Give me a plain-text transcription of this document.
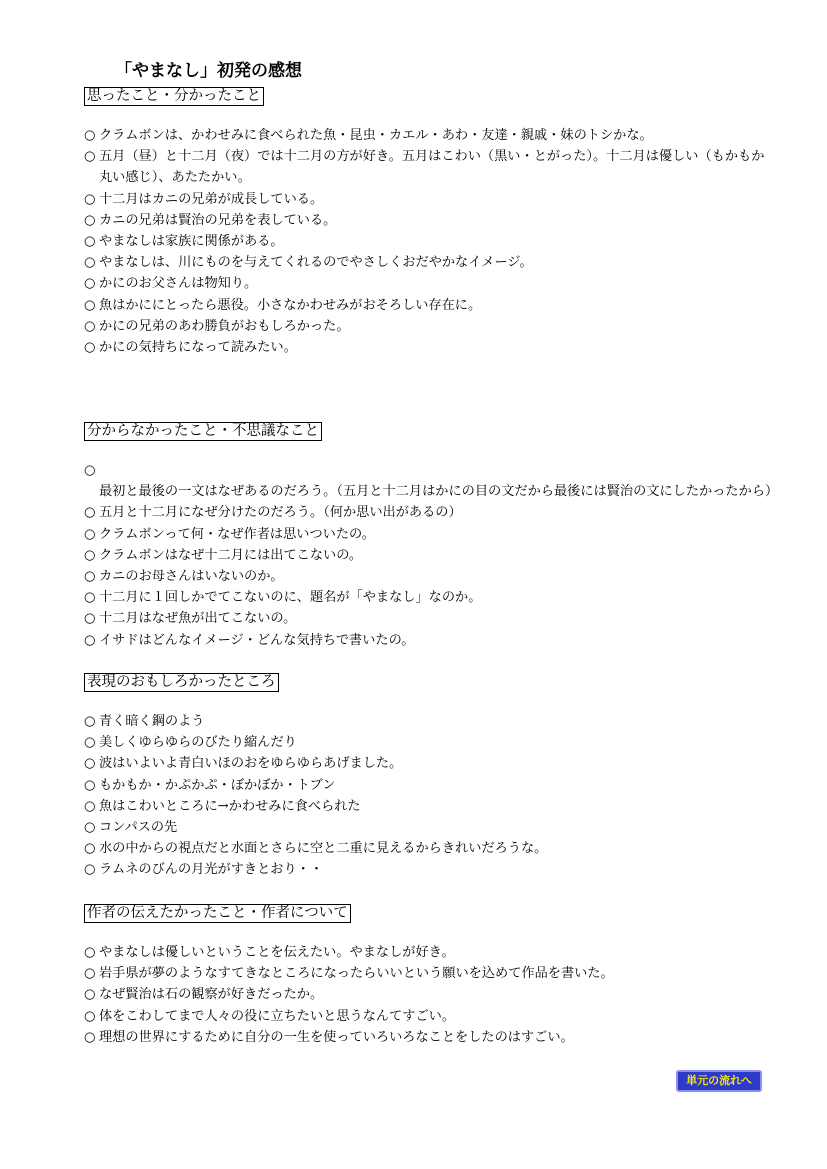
「やまなし」初発の感想
思ったこと・分かったこと
○ クラムボンは、かわせみに食べられた魚・昆虫・カエル・あわ・友達・親戚・妹のトシかな。
○ 五月（昼）と十二月（夜）では十二月の方が好き。五月はこわい（黒い・とがった）。十二月は優しい（もかもか　丸い感じ）、あたたかい。
○ 十二月はカニの兄弟が成長している。
○ カニの兄弟は賢治の兄弟を表している。
○ やまなしは家族に関係がある。
○ やまなしは、川にものを与えてくれるのでやさしくおだやかなイメージ。
○ かにのお父さんは物知り。
○ 魚はかににとったら悪役。小さなかわせみがおそろしい存在に。
○ かにの兄弟のあわ勝負がおもしろかった。
○ かにの気持ちになって読みたい。
分からなかったこと・不思議なこと
○ 最初と最後の一文はなぜあるのだろう。（五月と十二月はかにの目の文だから最後には賢治の文にしたかったから）
○ 五月と十二月になぜ分けたのだろう。（何か思い出があるの）
○ クラムボンって何・なぜ作者は思いついたの。
○ クラムボンはなぜ十二月には出てこないの。
○ カニのお母さんはいないのか。
○ 十二月に１回しかでてこないのに、題名が「やまなし」なのか。
○ 十二月はなぜ魚が出てこないの。
○ イサドはどんなイメージ・どんな気持ちで書いたの。
表現のおもしろかったところ
○ 青く暗く鋼のよう
○ 美しくゆらゆらのびたり縮んだり
○ 波はいよいよ青白いほのおをゆらゆらあげました。
○ もかもか・かぷかぷ・ぼかぼか・トブン
○ 魚はこわいところに→かわせみに食べられた
○ コンパスの先
○ 水の中からの視点だと水面とさらに空と二重に見えるからきれいだろうな。
○ ラムネのびんの月光がすきとおり・・
作者の伝えたかったこと・作者について
○ やまなしは優しいということを伝えたい。やまなしが好き。
○ 岩手県が夢のようなすてきなところになったらいいという願いを込めて作品を書いた。
○ なぜ賢治は石の観察が好きだったか。
○ 体をこわしてまで人々の役に立ちたいと思うなんてすごい。
○ 理想の世界にするために自分の一生を使っていろいろなことをしたのはすごい。
単元の流れへ
